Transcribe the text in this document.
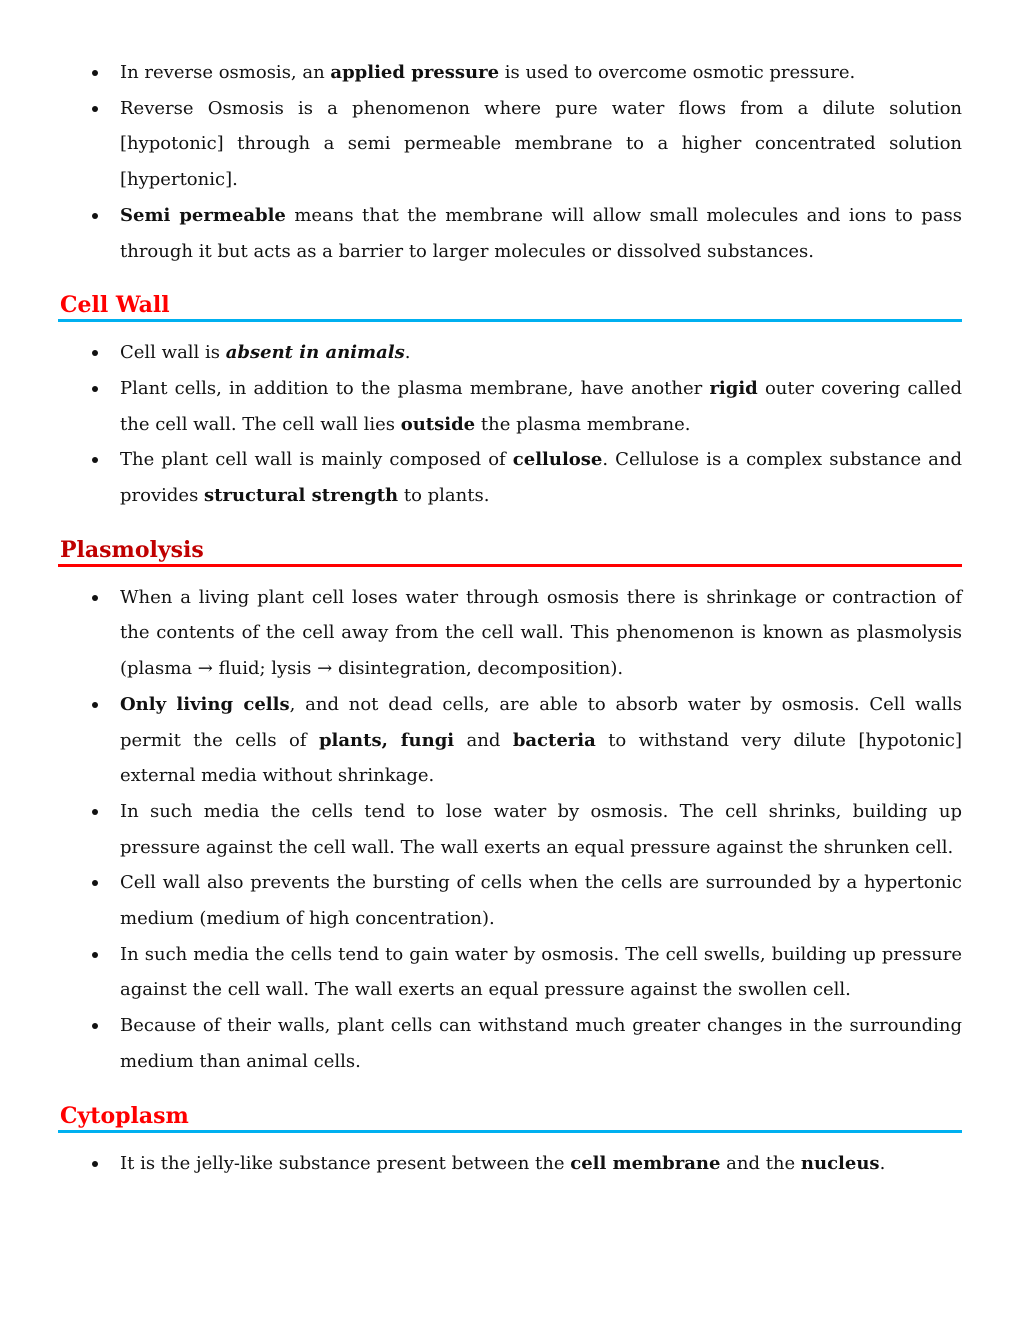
In reverse osmosis, an applied pressure is used to overcome osmotic pressure.
Reverse Osmosis is a phenomenon where pure water flows from a dilute solution [hypotonic] through a semi permeable membrane to a higher concentrated solution [hypertonic].
Semi permeable means that the membrane will allow small molecules and ions to pass through it but acts as a barrier to larger molecules or dissolved substances.
Cell Wall
Cell wall is absent in animals.
Plant cells, in addition to the plasma membrane, have another rigid outer covering called the cell wall. The cell wall lies outside the plasma membrane.
The plant cell wall is mainly composed of cellulose. Cellulose is a complex substance and provides structural strength to plants.
Plasmolysis
When a living plant cell loses water through osmosis there is shrinkage or contraction of the contents of the cell away from the cell wall. This phenomenon is known as plasmolysis (plasma → fluid; lysis → disintegration, decomposition).
Only living cells, and not dead cells, are able to absorb water by osmosis. Cell walls permit the cells of plants, fungi and bacteria to withstand very dilute [hypotonic] external media without shrinkage.
In such media the cells tend to lose water by osmosis. The cell shrinks, building up pressure against the cell wall. The wall exerts an equal pressure against the shrunken cell.
Cell wall also prevents the bursting of cells when the cells are surrounded by a hypertonic medium (medium of high concentration).
In such media the cells tend to gain water by osmosis. The cell swells, building up pressure against the cell wall. The wall exerts an equal pressure against the swollen cell.
Because of their walls, plant cells can withstand much greater changes in the surrounding medium than animal cells.
Cytoplasm
It is the jelly-like substance present between the cell membrane and the nucleus.
